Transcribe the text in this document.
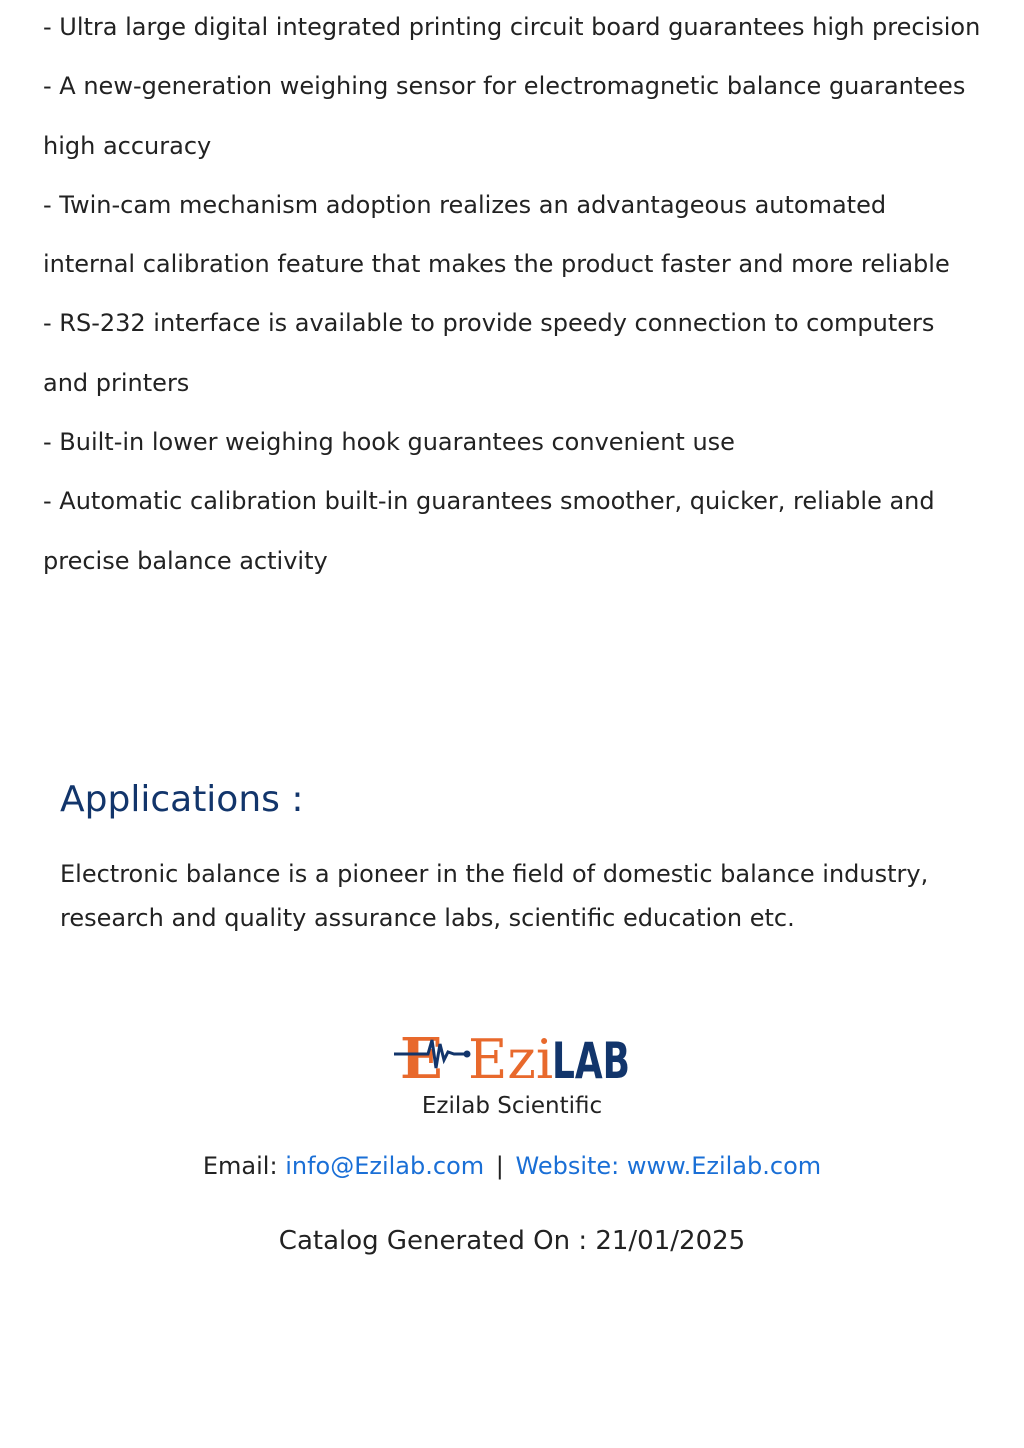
- Ultra large digital integrated printing circuit board guarantees high precision
- A new-generation weighing sensor for electromagnetic balance guarantees high accuracy
- Twin-cam mechanism adoption realizes an advantageous automated internal calibration feature that makes the product faster and more reliable
- RS-232 interface is available to provide speedy connection to computers and printers
- Built-in lower weighing hook guarantees convenient use
- Automatic calibration built-in guarantees smoother, quicker, reliable and precise balance activity
Applications :

Electronic balance is a pioneer in the field of domestic balance industry, research and quality assurance labs, scientific education etc.

E Ezi
LAB
Ezilab Scientific
Email: info@Ezilab.com | Website: www.Ezilab.com
Catalog Generated On : 21/01/2025
